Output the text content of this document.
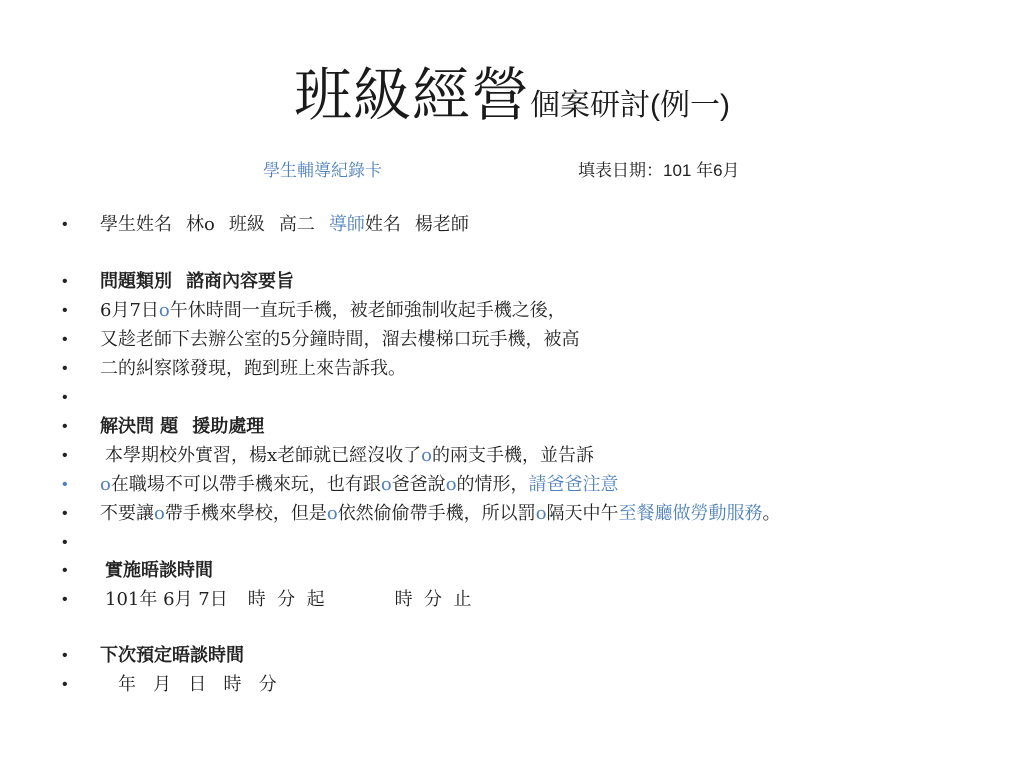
班級經營個案研討(例一)
學生輔導紀錄卡	填表日期：101 年6月
•	學生姓名 林o 班級 高二 導師姓名 楊老師
•	問題類別 諮商內容要旨
•	6月7日o午休時間一直玩手機，被老師強制收起手機之後，
•	又趁老師下去辦公室的5分鐘時間，溜去樓梯口玩手機，被高
•	二的糾察隊發現，跑到班上來告訴我。
•
•	解決問 題 援助處理
•	本學期校外實習，楊x老師就已經沒收了o的兩支手機，並告訴
•	o在職場不可以帶手機來玩，也有跟o爸爸說o的情形，請爸爸注意
•	不要讓o帶手機來學校，但是o依然偷偷帶手機，所以罰o隔天中午至餐廳做勞動服務。
•
•	實施晤談時間
•	101年 6月 7日 時  分  起	時  分  止
•	下次預定晤談時間
•	年   月   日   時   分
